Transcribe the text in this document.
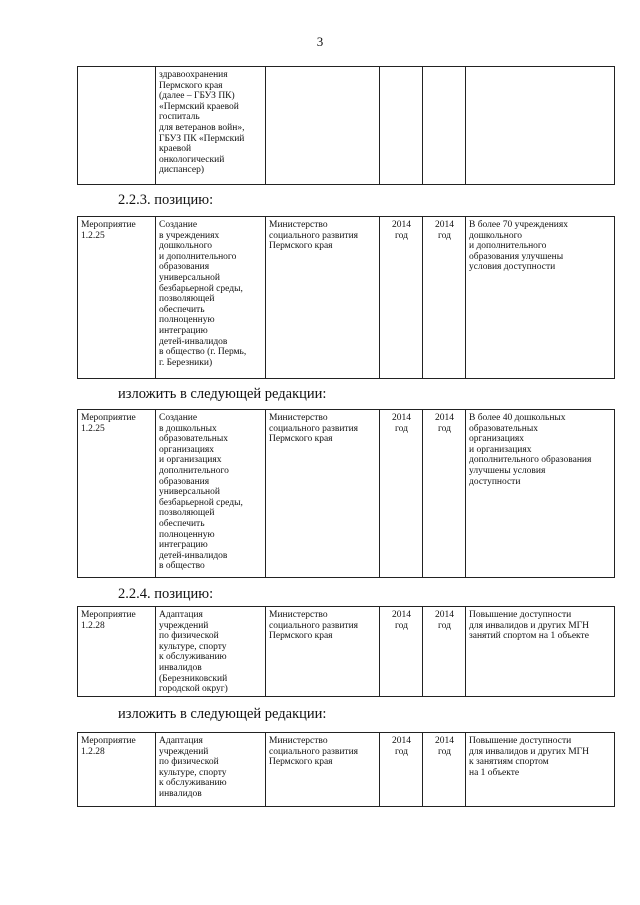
3
	здравоохранения
Пермского края
(далее – ГБУЗ ПК)
«Пермский краевой
госпиталь
для ветеранов войн»,
ГБУЗ ПК «Пермский
краевой
онкологический
диспансер)				
2.2.3. позицию:
Мероприятие
1.2.25	Создание
в учреждениях
дошкольного
и дополнительного
образования
универсальной
безбарьерной среды,
позволяющей
обеспечить
полноценную
интеграцию
детей-инвалидов
в общество (г. Пермь,
г. Березники)	Министерство
социального развития
Пермского края	2014
год	2014
год	В более 70 учреждениях
дошкольного
и дополнительного
образования улучшены
условия доступности
изложить в следующей редакции:
Мероприятие
1.2.25	Создание
в дошкольных
образовательных
организациях
и организациях
дополнительного
образования
универсальной
безбарьерной среды,
позволяющей
обеспечить
полноценную
интеграцию
детей-инвалидов
в общество	Министерство
социального развития
Пермского края	2014
год	2014
год	В более 40 дошкольных
образовательных
организациях
и организациях
дополнительного образования
улучшены условия
доступности
2.2.4. позицию:
Мероприятие
1.2.28	Адаптация
учреждений
по физической
культуре, спорту
к обслуживанию
инвалидов
(Березниковский
городской округ)	Министерство
социального развития
Пермского края	2014
год	2014
год	Повышение доступности
для инвалидов и других МГН
занятий спортом на 1 объекте
изложить в следующей редакции:
Мероприятие
1.2.28	Адаптация
учреждений
по физической
культуре, спорту
к обслуживанию
инвалидов	Министерство
социального развития
Пермского края	2014
год	2014
год	Повышение доступности
для инвалидов и других МГН
к занятиям спортом
на 1 объекте
